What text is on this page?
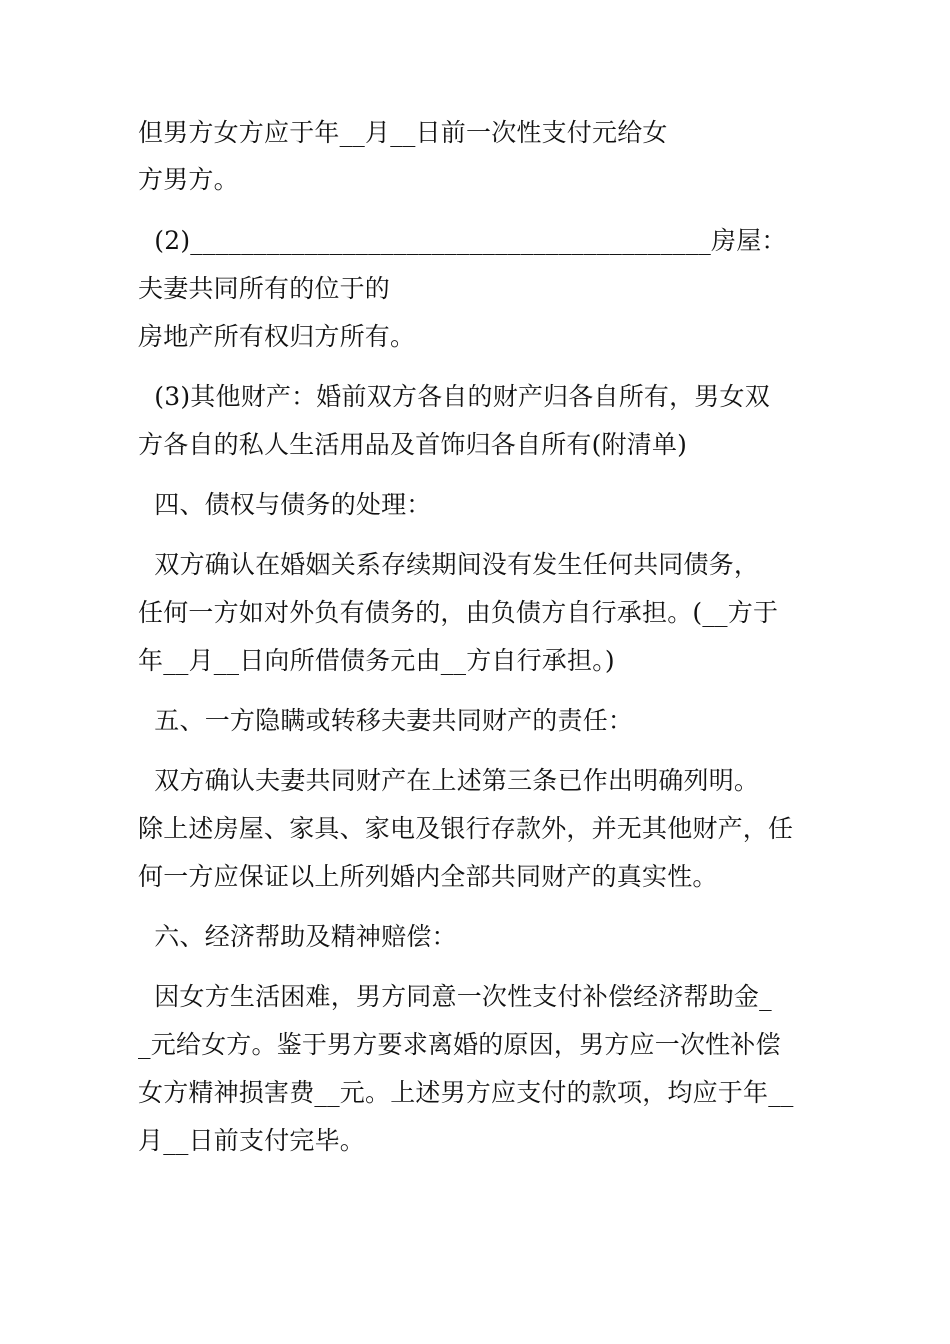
但男方女方应于年__月__日前一次性支付元给女
方男方。
(2)_________________________________________房屋：
夫妻共同所有的位于的
房地产所有权归方所有。
(3)其他财产：婚前双方各自的财产归各自所有，男女双
方各自的私人生活用品及首饰归各自所有(附清单)
四、债权与债务的处理：
双方确认在婚姻关系存续期间没有发生任何共同债务，
任何一方如对外负有债务的，由负债方自行承担。(__方于
年__月__日向所借债务元由__方自行承担。)
五、一方隐瞒或转移夫妻共同财产的责任：
双方确认夫妻共同财产在上述第三条已作出明确列明。
除上述房屋、家具、家电及银行存款外，并无其他财产，任
何一方应保证以上所列婚内全部共同财产的真实性。
六、经济帮助及精神赔偿：
因女方生活困难，男方同意一次性支付补偿经济帮助金_
_元给女方。鉴于男方要求离婚的原因，男方应一次性补偿
女方精神损害费__元。上述男方应支付的款项，均应于年__
月__日前支付完毕。
